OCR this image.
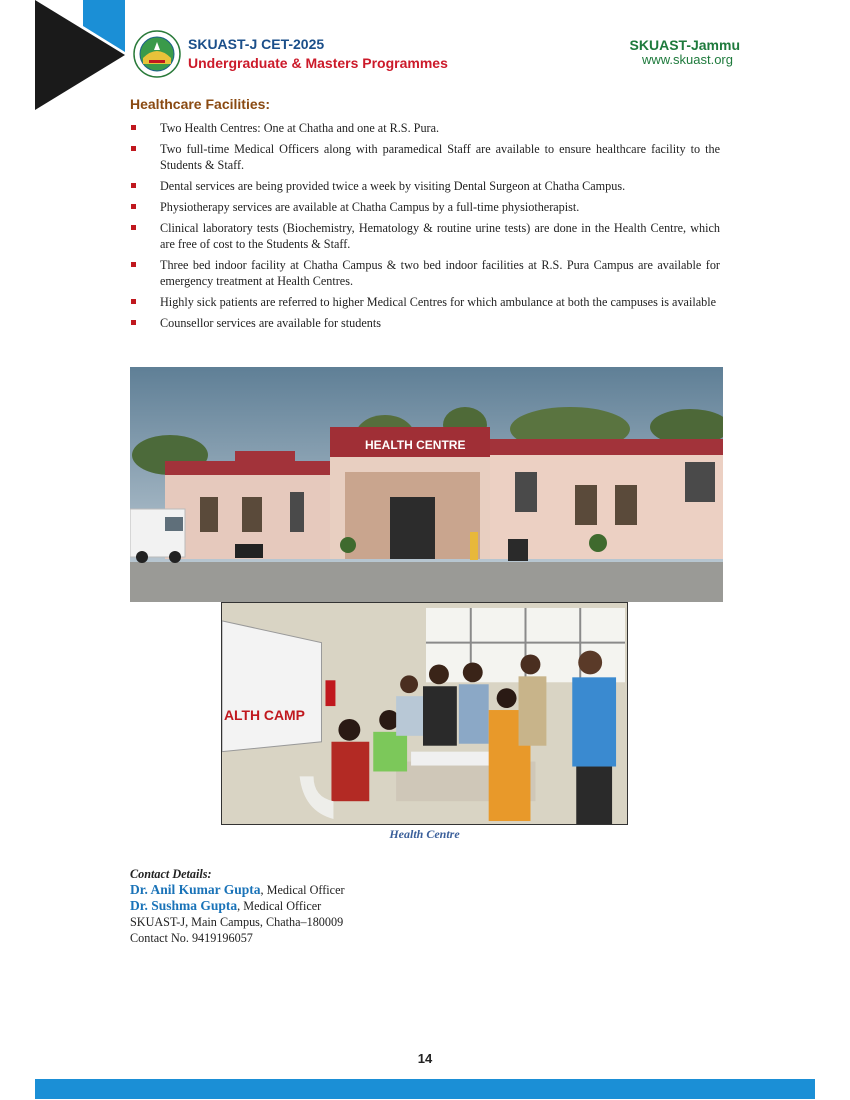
SKUAST-J CET-2025
Undergraduate & Masters Programmes
SKUAST-Jammu
www.skuast.org
Healthcare Facilities:
Two Health Centres: One at Chatha and one at R.S. Pura.
Two full-time Medical Officers along with paramedical Staff are available to ensure healthcare facility to the Students & Staff.
Dental services are being provided twice a week by visiting Dental Surgeon at Chatha Campus.
Physiotherapy services are available at Chatha Campus by a full-time physiotherapist.
Clinical laboratory tests (Biochemistry, Hematology & routine urine tests) are done in the Health Centre, which are free of cost to the Students & Staff.
Three bed indoor facility at Chatha Campus & two bed indoor facilities at R.S. Pura Campus are available for emergency treatment at Health Centres.
Highly sick patients are referred to higher Medical Centres for which ambulance at both the campuses is available
Counsellor services are available for students
HEALTH CENTRE
ALTH CAMP
Health Centre
Contact Details:
Dr. Anil Kumar Gupta, Medical Officer
Dr. Sushma Gupta, Medical Officer
SKUAST-J, Main Campus, Chatha–180009
Contact No. 9419196057
14
